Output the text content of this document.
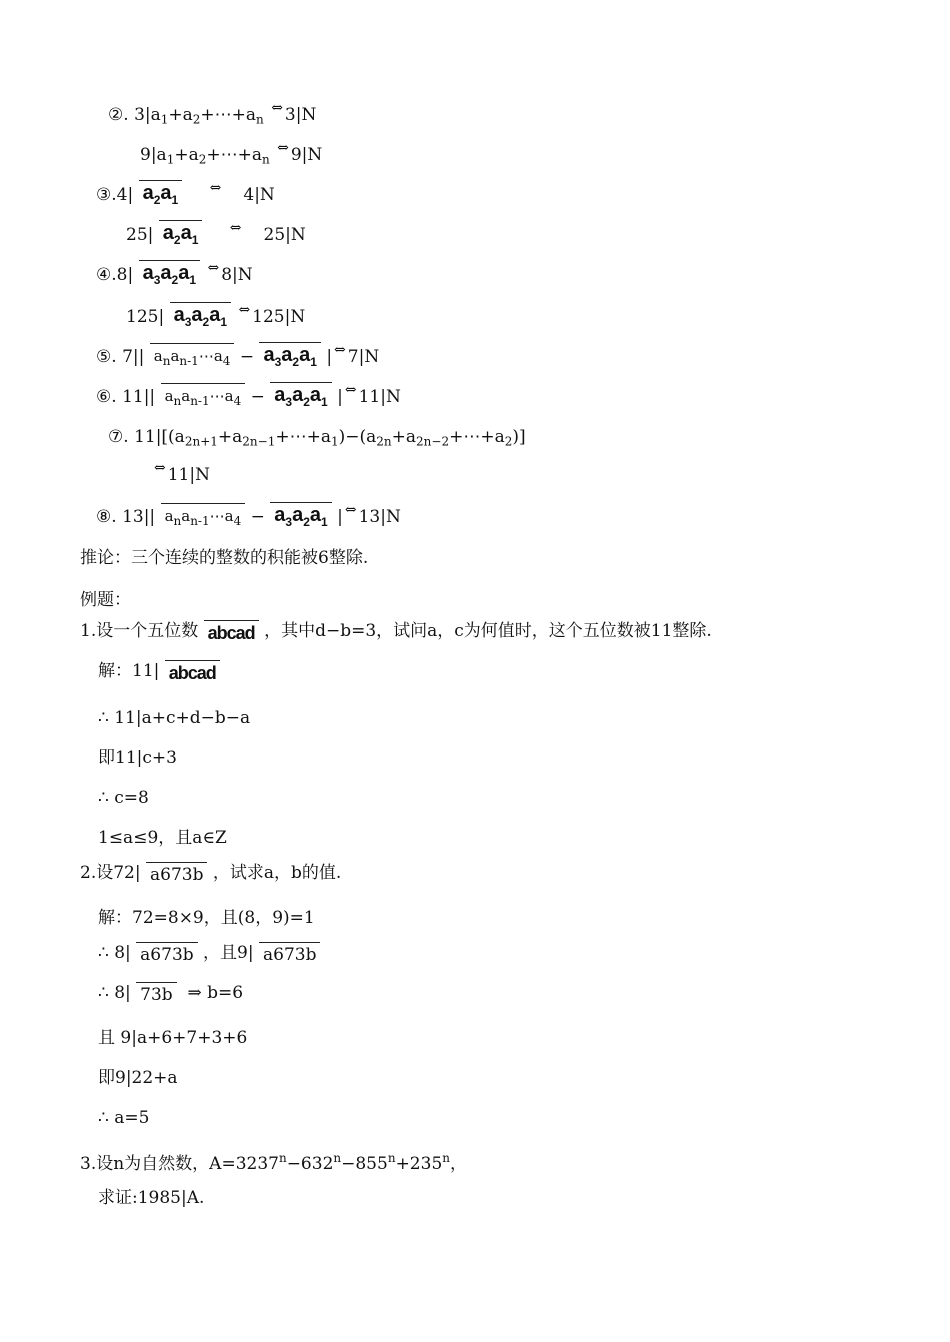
②. $3|a_1+a_2+\cdots+a_n$ ⇔ 3|N
$9|a_1+a_2+\cdots+a_n$ ⇔ 9|N
③.4| $a_2a_1$ ⇔ 4|N
25| $a_2a_1$ ⇔ 25|N
④.8| $a_3a_2a_1$ ⇔ 8|N
125| $a_3a_2a_1$ ⇔ 125|N
⑤. 7|| $a_na_{n-1}\cdots a_4 - a_3a_2a_1$ | ⇔ 7|N
⑥. 11|| $a_na_{n-1}\cdots a_4 - a_3a_2a_1$ | ⇔ 11|N
⑦. $11|[(a_{2n+1}+a_{2n-1}+\cdots+a_1)-(a_{2n}+a_{2n-2}+\cdots+a_2)]$
⇔ 11|N
⑧. 13|| $a_na_{n-1}\cdots a_4 - a_3a_2a_1$ | ⇔ 13|N
推论：三个连续的整数的积能被6整除.
例题：
1.设一个五位数 abcad ，其中d−b=3，试问a，c为何值时，这个五位数被11整除.
解：11| abcad
∴ 11|a+c+d−b−a
即11|c+3
∴ c=8
1≤a≤9，且a∈Z
2.设72| a673b ，试求a，b的值.
解：72=8×9，且(8，9)=1
∴ 8| a673b ，且9| a673b
∴ 8| 73b ⇒ b=6
且 9|a+6+7+3+6
即9|22+a
∴ a=5
3.设n为自然数，$A=3237^n-632^n-855^n+235^n$，
求证:1985|A.
